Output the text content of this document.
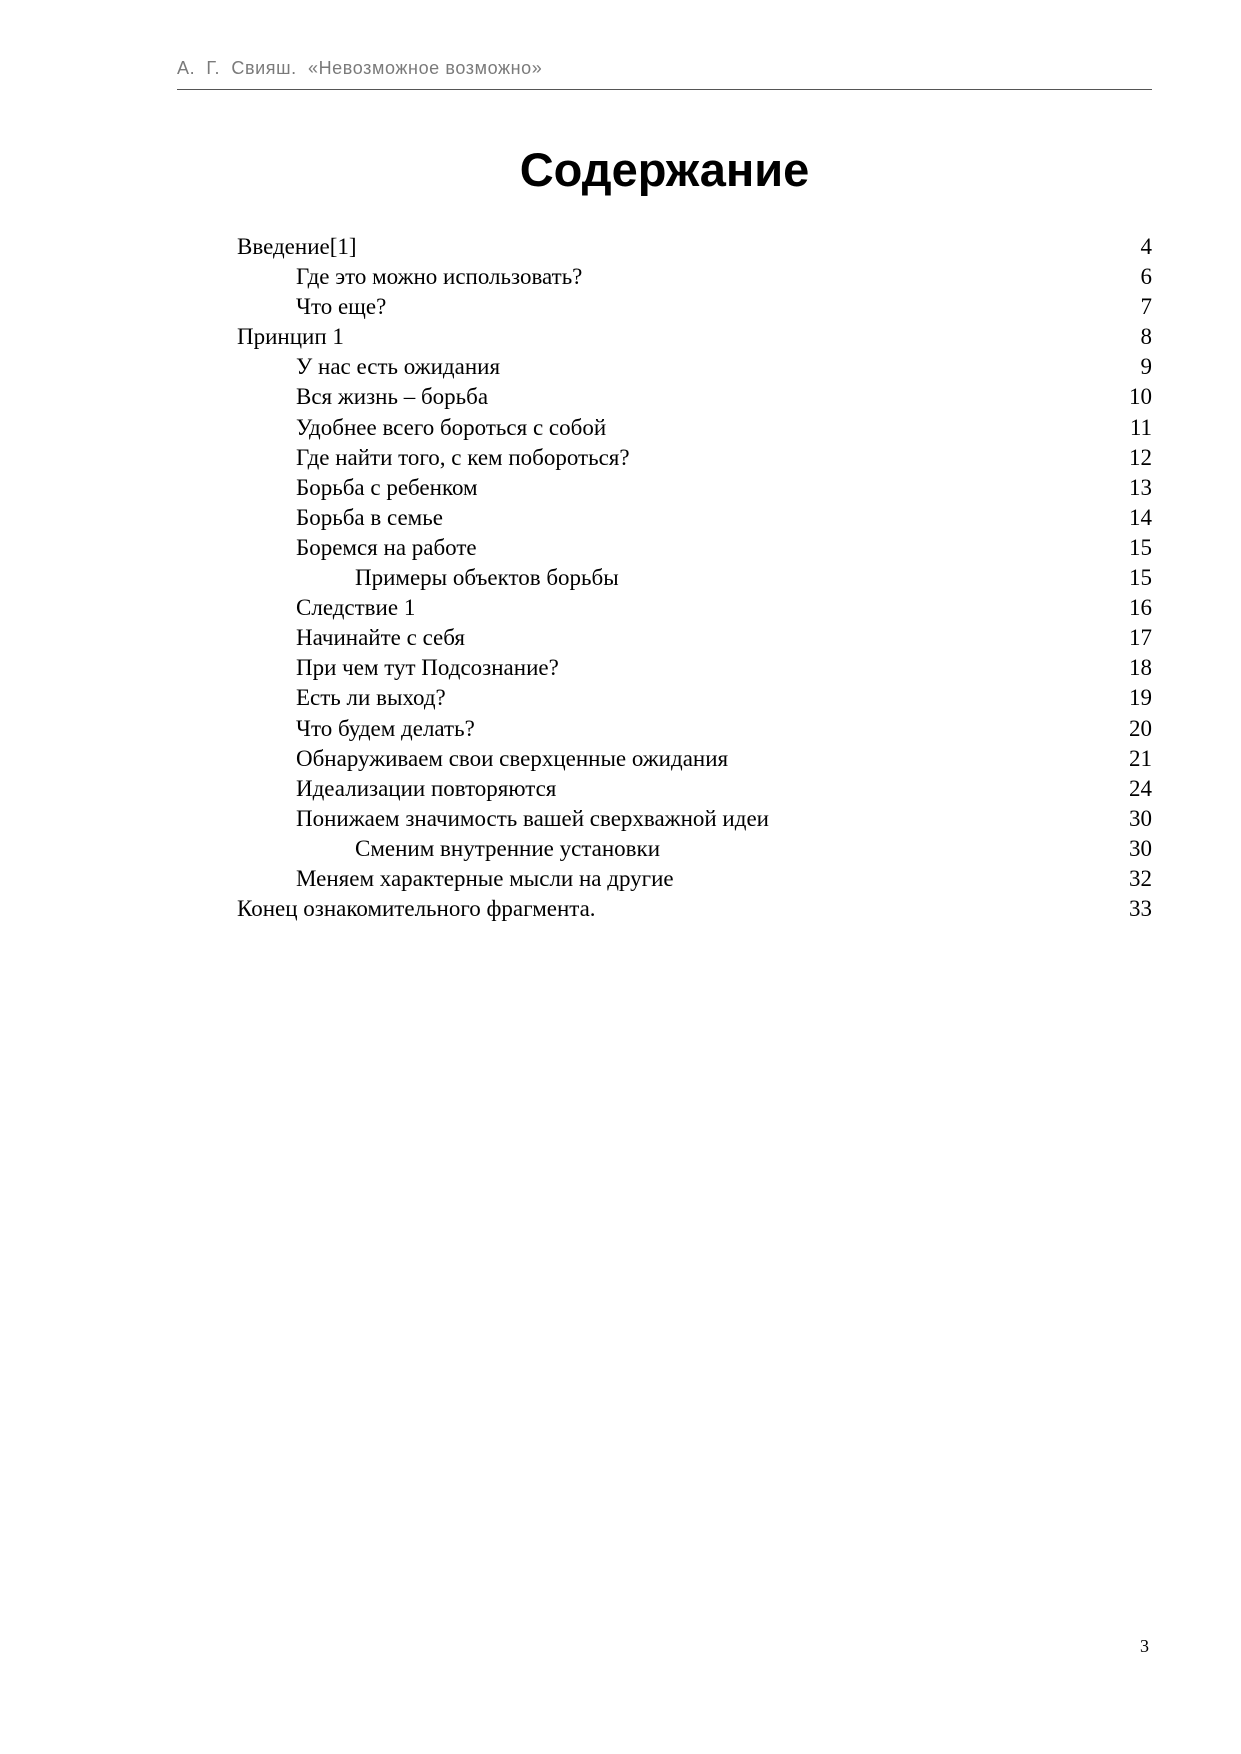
А.  Г.  Свияш.  «Невозможное возможно»
Содержание
Введение[1]	4
Где это можно использовать?	6
Что еще?	7
Принцип 1	8
У нас есть ожидания	9
Вся жизнь – борьба	10
Удобнее всего бороться с собой	11
Где найти того, с кем побороться?	12
Борьба с ребенком	13
Борьба в семье	14
Боремся на работе	15
Примеры объектов борьбы	15
Следствие 1	16
Начинайте с себя	17
При чем тут Подсознание?	18
Есть ли выход?	19
Что будем делать?	20
Обнаруживаем свои сверхценные ожидания	21
Идеализации повторяются	24
Понижаем значимость вашей сверхважной идеи	30
Сменим внутренние установки	30
Меняем характерные мысли на другие	32
Конец ознакомительного фрагмента.	33
3
